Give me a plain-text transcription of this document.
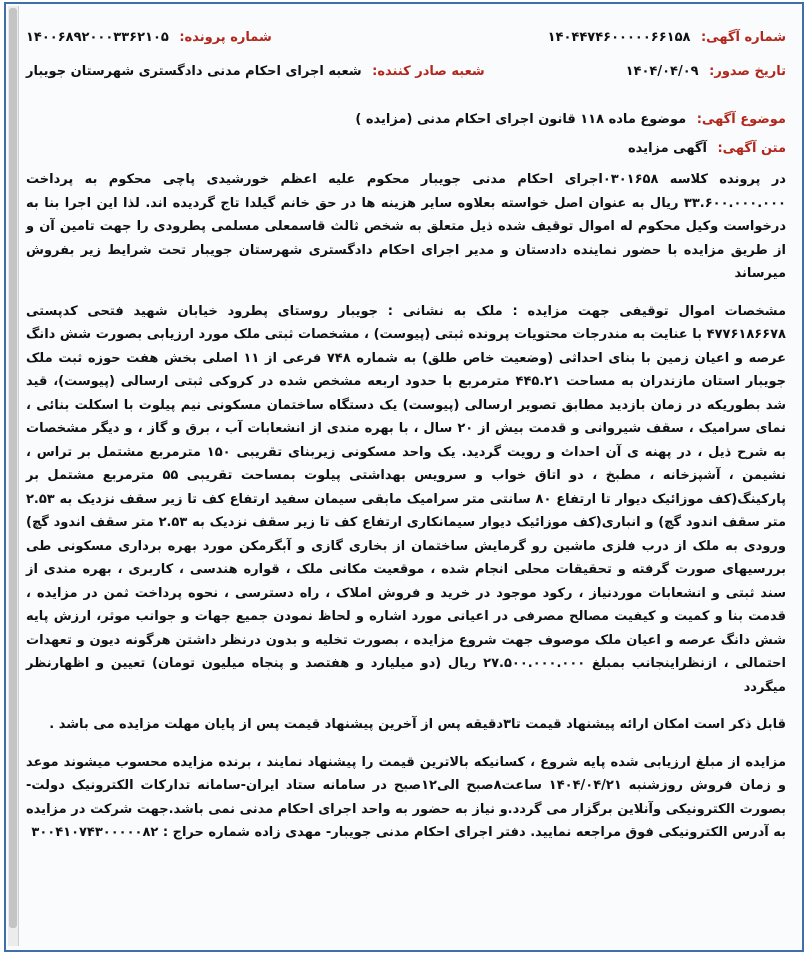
شماره آگهی: ۱۴۰۴۴۷۴۶۰۰۰۰۰۶۶۱۵۸
شماره پرونده: ۱۴۰۰۶۸۹۲۰۰۰۳۳۶۲۱۰۵
تاریخ صدور: ۱۴۰۴/۰۴/۰۹
شعبه صادر کننده: شعبه اجرای احکام مدنی دادگستری شهرستان جویبار
موضوع آگهی: موضوع ماده ۱۱۸ قانون اجرای احکام مدنی (مزایده )
متن آگهی: آگهی مزایده

در پرونده کلاسه ۰۳۰۱۶۵۸اجرای احکام مدنی جویبار محکوم علیه اعظم خورشیدی پاچی محکوم به پرداخت ۳۳.۶۰۰.۰۰۰.۰۰۰ ریال به عنوان اصل خواسته بعلاوه سایر هزینه ها در حق خانم گیلدا تاج گردیده اند. لذا این اجرا بنا به درخواست وکیل محکوم له اموال توقیف شده ذیل متعلق به شخص ثالث قاسمعلی مسلمی پطرودی را جهت تامین آن و از طریق مزایده با حضور نماینده دادستان و مدیر اجرای احکام دادگستری شهرستان جویبار تحت شرایط زیر بفروش میرساند

مشخصات اموال توقیفی جهت مزایده : ملک به نشانی : جویبار روستای پطرود خیابان شهید فتحی کدپستی ۴۷۷۶۱۸۶۶۷۸ با عنایت به مندرجات محتویات پرونده ثبتی (پیوست) ، مشخصات ثبتی ملک مورد ارزیابی بصورت شش دانگ عرصه و اعیان زمین با بنای احداثی (وضعیت خاص طلق) به شماره ۷۴۸ فرعی از ۱۱ اصلی بخش هفت حوزه ثبت ملک جویبار استان مازندران به مساحت ۴۴۵.۲۱ مترمربع با حدود اربعه مشخص شده در کروکی ثبتی ارسالی (پیوست)، قید شد بطوریکه در زمان بازدید مطابق تصویر ارسالی (پیوست) یک دستگاه ساختمان مسکونی نیم پیلوت با اسکلت بنائی ، نمای سرامیک ، سقف شیروانی و قدمت بیش از ۲۰ سال ، با بهره مندی از انشعابات آب ، برق و گاز ، و دیگر مشخصات به شرح ذیل ، در پهنه ی آن احداث و رویت گردید. یک واحد مسکونی زیربنای تقریبی ۱۵۰ مترمربع مشتمل بر تراس ، نشیمن ، آشپزخانه ، مطبخ ، دو اتاق خواب و سرویس بهداشتی پیلوت بمساحت تقریبی ۵۵ مترمربع مشتمل بر پارکینگ(کف موزائیک دیوار تا ارتفاع ۸۰ سانتی متر سرامیک مابقی سیمان سفید ارتفاع کف تا زیر سقف نزدیک به ۲.۵۳ متر سقف اندود گچ) و انباری(کف موزائیک دیوار سیمانکاری ارتفاع کف تا زیر سقف نزدیک به ۲.۵۳ متر سقف اندود گچ) ورودی به ملک از درب فلزی ماشین رو گرمایش ساختمان از بخاری گازی و آبگرمکن مورد بهره برداری مسکونی طی بررسیهای صورت گرفته و تحقیقات محلی انجام شده ، موقعیت مکانی ملک ، قواره هندسی ، کاربری ، بهره مندی از سند ثبتی و انشعابات موردنیاز ، رکود موجود در خرید و فروش املاک ، راه دسترسی ، نحوه پرداخت ثمن در مزایده ، قدمت بنا و کمیت و کیفیت مصالح مصرفی در اعیانی مورد اشاره و لحاظ نمودن جمیع جهات و جوانب موثر، ارزش پایه شش دانگ عرصه و اعیان ملک موصوف جهت شروع مزایده ، بصورت تخلیه و بدون درنظر داشتن هرگونه دیون و تعهدات احتمالی ، ازنظراینجانب بمبلغ ۲۷.۵۰۰.۰۰۰.۰۰۰ ریال (دو میلیارد و هفتصد و پنجاه میلیون تومان) تعیین و اظهارنظر میگردد

قابل ذکر است امکان ارائه پیشنهاد قیمت تا۳دقیقه پس از آخرین پیشنهاد قیمت پس از پایان مهلت مزایده می باشد .

مزایده از مبلغ ارزیابی شده پایه شروع ، کسانیکه بالاترین قیمت را پیشنهاد نمایند ، برنده مزایده محسوب میشوند موعد و زمان فروش روزشنبه ۱۴۰۴/۰۴/۲۱ ساعت۸صبح الی۱۲صبح در سامانه ستاد ایران-سامانه تدارکات الکترونیک دولت-بصورت الکترونیکی وآنلاین برگزار می گردد.و نیاز به حضور به واحد اجرای احکام مدنی نمی باشد.جهت شرکت در مزایده به آدرس الکترونیکی فوق مراجعه نمایید. دفتر اجرای احکام مدنی جویبار- مهدی زاده شماره حراج : ۳۰۰۴۱۰۷۴۳۰۰۰۰۰۸۲
